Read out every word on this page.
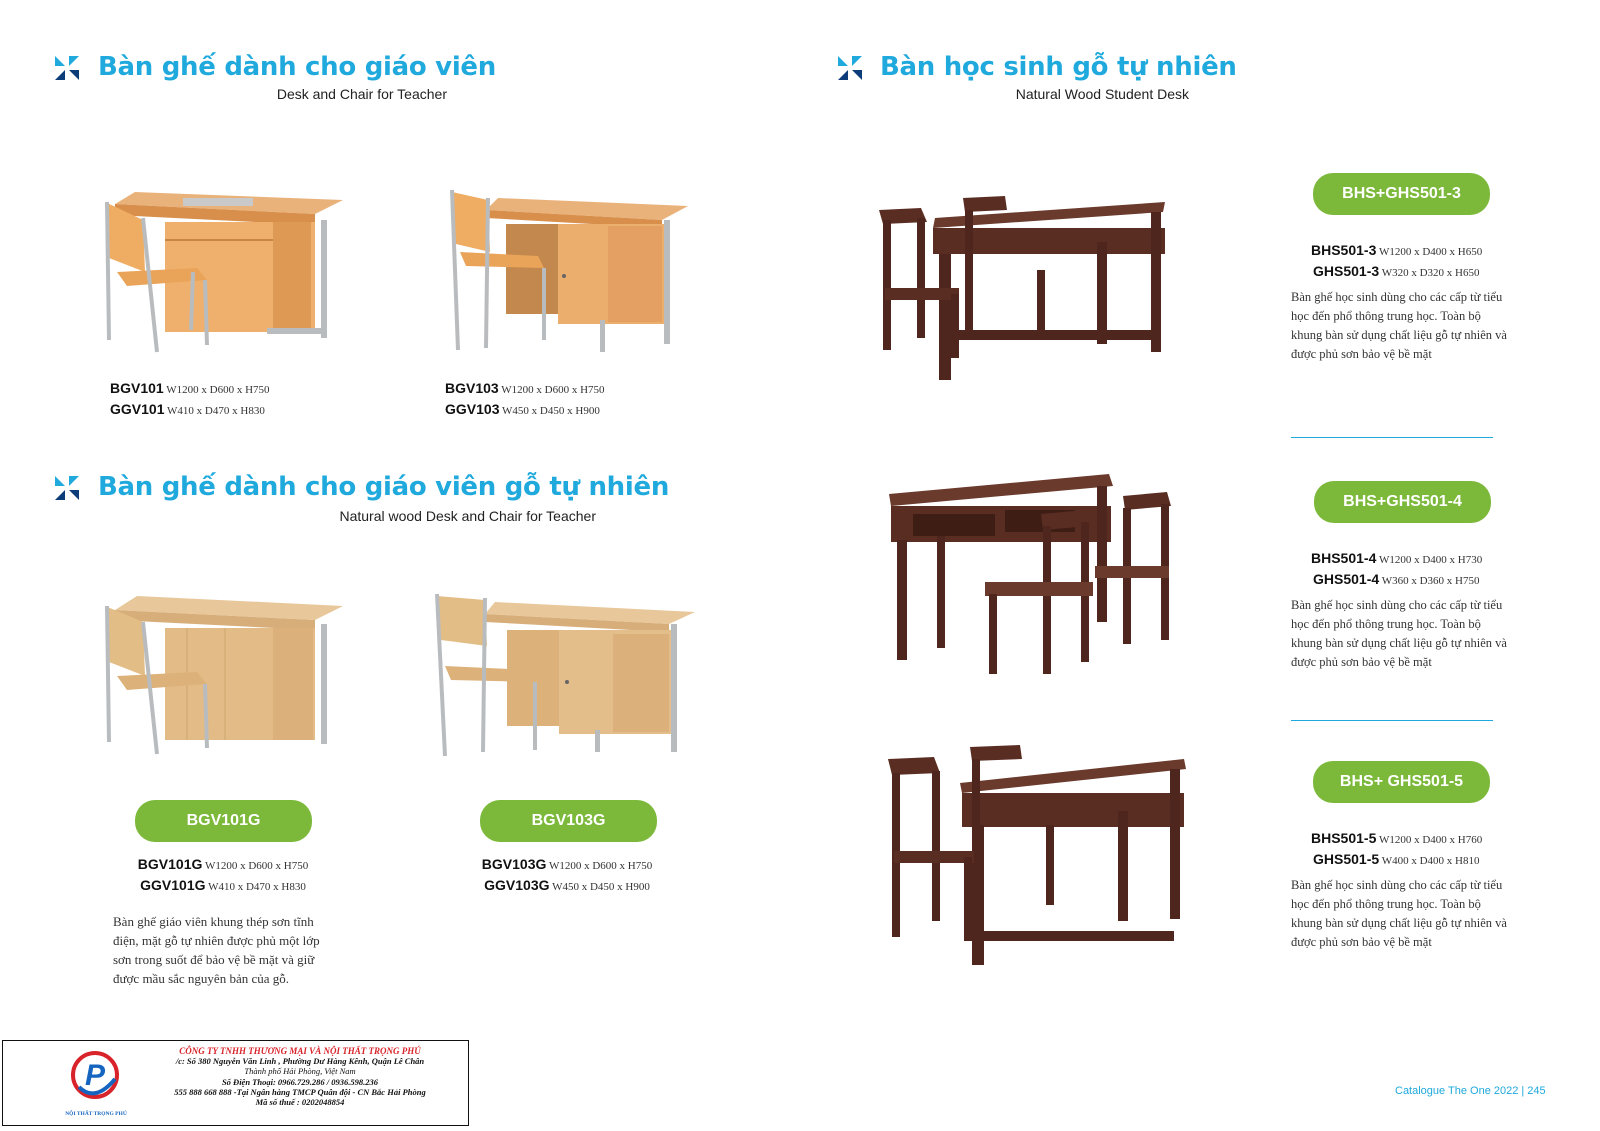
Bàn ghế dành cho giáo viên
Desk and Chair for Teacher
Bàn học sinh gỗ tự nhiên
Natural Wood Student Desk
Bàn ghế dành cho giáo viên gỗ tự nhiên
Natural wood Desk and Chair for Teacher
BGV101 W1200 x D600 x H750
GGV101 W410 x D470 x H830
BGV103 W1200 x D600 x H750
GGV103 W450 x D450 x H900
BGV101G	BGV103G
BGV101G W1200 x D600 x H750
GGV101G W410 x D470 x H830
BGV103G W1200 x D600 x H750
GGV103G W450 x D450 x H900
Bàn ghế giáo viên khung thép sơn tĩnh điện, mặt gỗ tự nhiên được phủ một lớp sơn trong suốt để bảo vệ bề mặt và giữ được mầu sắc nguyên bản của gỗ.
BHS+GHS501-3
BHS501-3 W1200 x D400 x H650
GHS501-3 W320 x D320 x H650
Bàn ghế học sinh dùng cho các cấp từ tiểu học đến phổ thông trung học. Toàn bộ khung bàn sử dụng chất liệu gỗ tự nhiên và được phủ sơn bảo vệ bề mặt
BHS+GHS501-4
BHS501-4 W1200 x D400 x H730
GHS501-4 W360 x D360 x H750
Bàn ghế học sinh dùng cho các cấp từ tiểu học đến phổ thông trung học. Toàn bộ khung bàn sử dụng chất liệu gỗ tự nhiên và được phủ sơn bảo vệ bề mặt
BHS+ GHS501-5
BHS501-5 W1200 x D400 x H760
GHS501-5 W400 x D400 x H810
Bàn ghế học sinh dùng cho các cấp từ tiểu học đến phổ thông trung học. Toàn bộ khung bàn sử dụng chất liệu gỗ tự nhiên và được phủ sơn bảo vệ bề mặt
P
NỘI THẤT TRỌNG PHÚ
CÔNG TY TNHH THƯƠNG MẠI VÀ NỘI THẤT TRỌNG PHÚ
/c: Số 380 Nguyễn Văn Linh , Phường Dư Hàng Kênh, Quận Lê Chân
Thành phố Hải Phòng, Việt Nam
Số Điện Thoại: 0966.729.286 / 0936.598.236
555 888 668 888 -Tại Ngân hàng TMCP Quân đội - CN Bắc Hải Phòng
Mã số thuế : 0202048854
Catalogue The One 2022 | 245
